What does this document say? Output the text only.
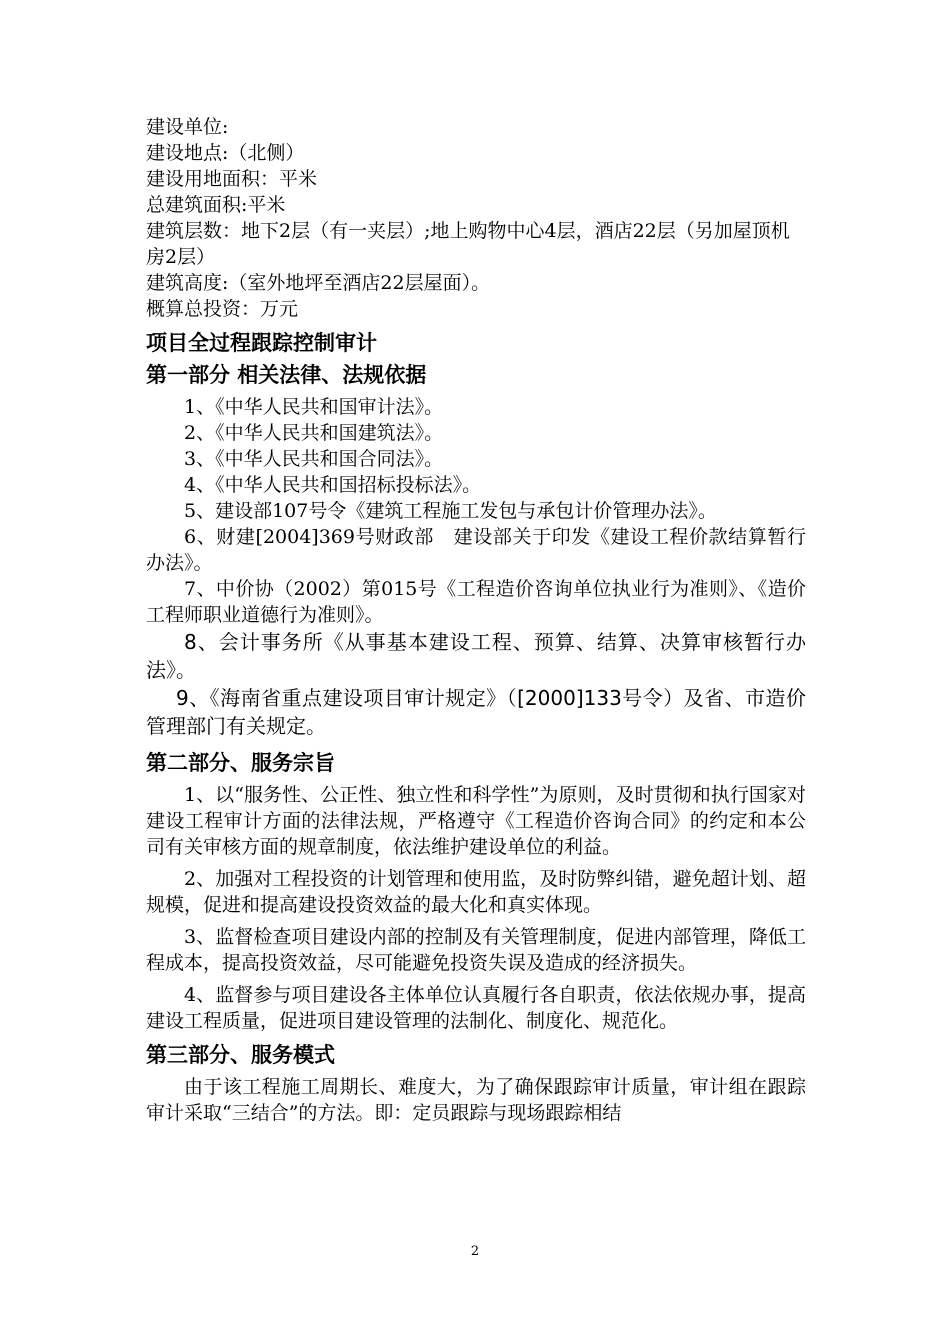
建设单位:

建设地点:（北侧）

建设用地面积：平米

总建筑面积:平米

建筑层数：地下2层（有一夹层）;地上购物中心4层，酒店22层（另加屋顶机房2层）

建筑高度:（室外地坪至酒店22层屋面）。

概算总投资：万元

项目全过程跟踪控制审计
第一部分 相关法律、法规依据

1、《中华人民共和国审计法》。

2、《中华人民共和国建筑法》。

3、《中华人民共和国合同法》。

4、《中华人民共和国招标投标法》。

5、建设部107号令《建筑工程施工发包与承包计价管理办法》。

6、财建[2004]369号财政部　建设部关于印发《建设工程价款结算暂行办法》。

7、中价协（2002）第015号《工程造价咨询单位执业行为准则》、《造价工程师职业道德行为准则》。

8、会计事务所《从事基本建设工程、预算、结算、决算审核暂行办法》。

9、《海南省重点建设项目审计规定》（[2000]133号令）及省、市造价管理部门有关规定。

第二部分、服务宗旨

1、以“服务性、公正性、独立性和科学性”为原则，及时贯彻和执行国家对建设工程审计方面的法律法规，严格遵守《工程造价咨询合同》的约定和本公司有关审核方面的规章制度，依法维护建设单位的利益。

2、加强对工程投资的计划管理和使用监，及时防弊纠错，避免超计划、超规模，促进和提高建设投资效益的最大化和真实体现。

3、监督检查项目建设内部的控制及有关管理制度，促进内部管理，降低工程成本，提高投资效益，尽可能避免投资失误及造成的经济损失。

4、监督参与项目建设各主体单位认真履行各自职责，依法依规办事，提高建设工程质量，促进项目建设管理的法制化、制度化、规范化。

第三部分、服务模式

由于该工程施工周期长、难度大，为了确保跟踪审计质量，审计组在跟踪审计采取“三结合”的方法。即：定员跟踪与现场跟踪相结

2
